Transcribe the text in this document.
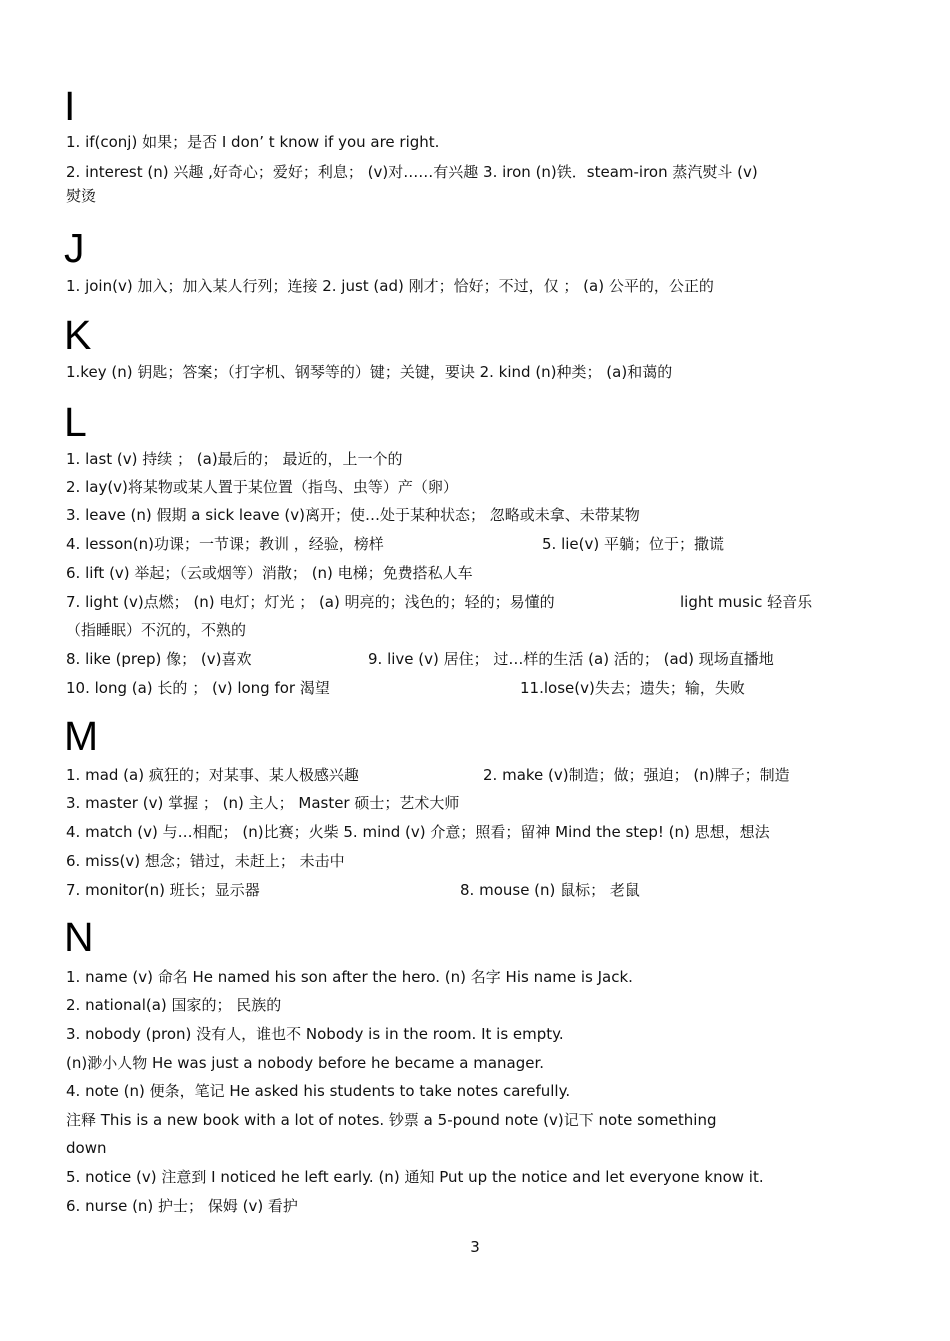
I
1. if(conj) 如果；是否 I don’ t know if you are right.
2. interest (n) 兴趣 ,好奇心；爱好；利息； (v)对……有兴趣 3. iron (n)铁．steam-iron 蒸汽熨斗 (v)
熨烫
J
1. join(v) 加入；加入某人行列；连接 2. just (ad) 刚才；恰好；不过，仅 ； (a) 公平的，公正的
K
1.key (n) 钥匙；答案；（打字机、钢琴等的）键；关键，要诀 2. kind (n)种类； (a)和蔼的
L
1. last (v) 持续 ； (a)最后的； 最近的，上一个的
2. lay(v)将某物或某人置于某位置（指鸟、虫等）产（卵）
3. leave (n) 假期 a sick leave (v)离开；使…处于某种状态； 忽略或未拿、未带某物
4. lesson(n)功课；一节课；教训 ，经验，榜样	5. lie(v) 平躺；位于；撒谎
6. lift (v) 举起；（云或烟等）消散； (n) 电梯；免费搭私人车
7. light (v)点燃； (n) 电灯；灯光 ； (a) 明亮的；浅色的；轻的；易懂的	light music 轻音乐
（指睡眠）不沉的，不熟的
8. like (prep) 像； (v)喜欢	9. live (v) 居住； 过…样的生活 (a) 活的； (ad) 现场直播地
10. long (a) 长的 ； (v) long for 渴望	11.lose(v)失去；遗失；输，失败
M
1. mad (a) 疯狂的；对某事、某人极感兴趣	2. make (v)制造；做；强迫； (n)牌子；制造
3. master (v) 掌握 ； (n) 主人； Master 硕士；艺术大师
4. match (v) 与…相配； (n)比赛；火柴 5. mind (v) 介意；照看；留神 Mind the step! (n) 思想，想法
6. miss(v) 想念；错过，未赶上； 未击中
7. monitor(n) 班长；显示器	8. mouse (n) 鼠标； 老鼠
N
1. name (v) 命名 He named his son after the hero. (n) 名字 His name is Jack.
2. national(a) 国家的； 民族的
3. nobody (pron) 没有人，谁也不 Nobody is in the room. It is empty.
(n)渺小人物 He was just a nobody before he became a manager.
4. note (n) 便条，笔记 He asked his students to take notes carefully.
注释 This is a new book with a lot of notes. 钞票 a 5-pound note (v)记下 note something
down
5. notice (v) 注意到 I noticed he left early. (n) 通知 Put up the notice and let everyone know it.
6. nurse (n) 护士； 保姆 (v) 看护
3
